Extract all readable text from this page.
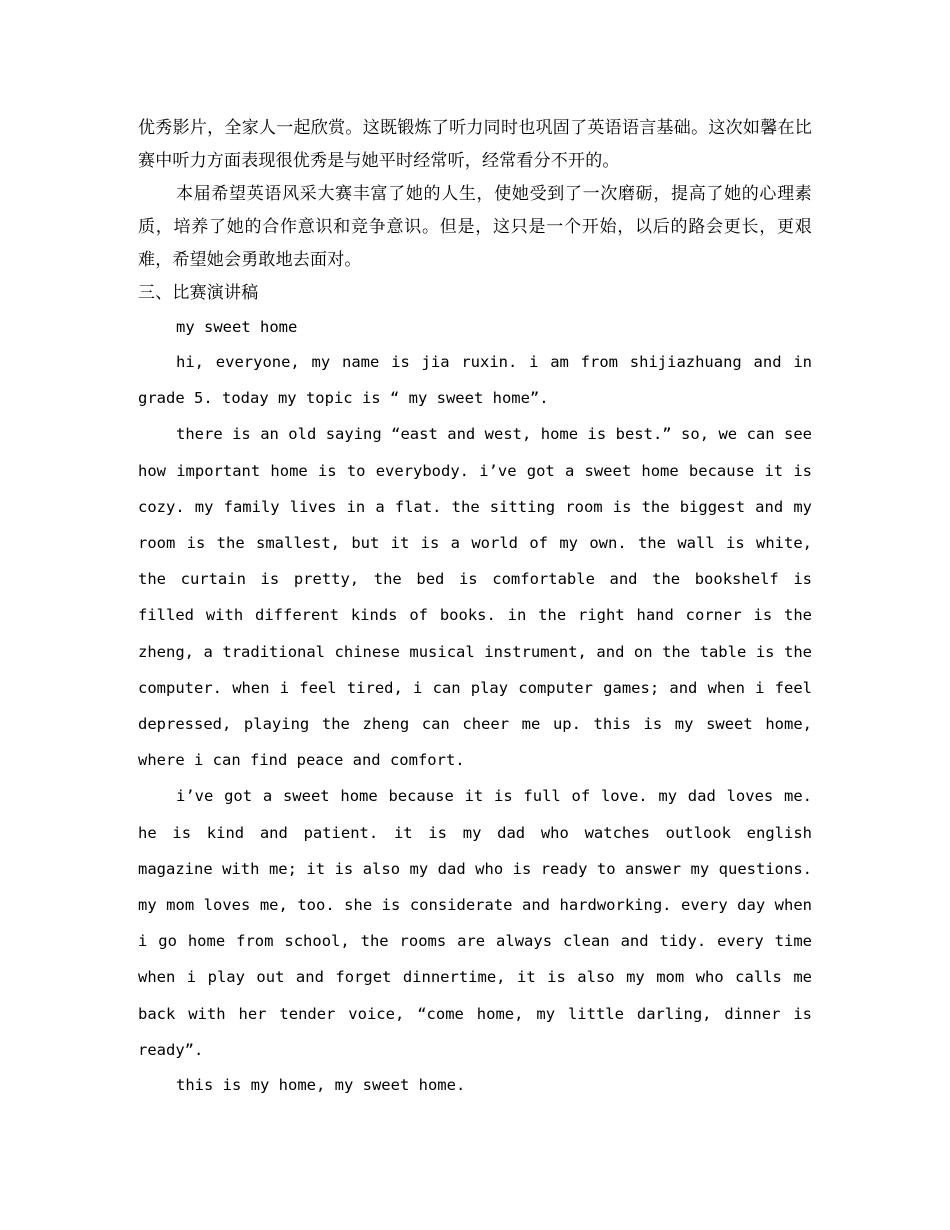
优秀影片，全家人一起欣赏。这既锻炼了听力同时也巩固了英语语言基础。这次如馨在比赛中听力方面表现很优秀是与她平时经常听，经常看分不开的。

本届希望英语风采大赛丰富了她的人生，使她受到了一次磨砺，提高了她的心理素质，培养了她的合作意识和竞争意识。但是，这只是一个开始，以后的路会更长，更艰难，希望她会勇敢地去面对。

三、比赛演讲稿

my sweet home

hi, everyone, my name is jia ruxin. i am from shijiazhuang and in grade 5. today my topic is “ my sweet home”.

there is an old saying “east and west, home is best.” so, we can see how important home is to everybody. i’ve got a sweet home because it is cozy. my family lives in a flat. the sitting room is the biggest and my room is the smallest, but it is a world of my own. the wall is white, the curtain is pretty, the bed is comfortable and the bookshelf is filled with different kinds of books. in the right hand corner is the zheng, a traditional chinese musical instrument, and on the table is the computer. when i feel tired, i can play computer games; and when i feel depressed, playing the zheng can cheer me up. this is my sweet home, where i can find peace and comfort.

i’ve got a sweet home because it is full of love. my dad loves me. he is kind and patient. it is my dad who watches outlook english magazine with me; it is also my dad who is ready to answer my questions. my mom loves me, too. she is considerate and hardworking. every day when i go home from school, the rooms are always clean and tidy. every time when i play out and forget dinnertime, it is also my mom who calls me back with her tender voice, “come home, my little darling, dinner is ready”.

this is my home, my sweet home.
